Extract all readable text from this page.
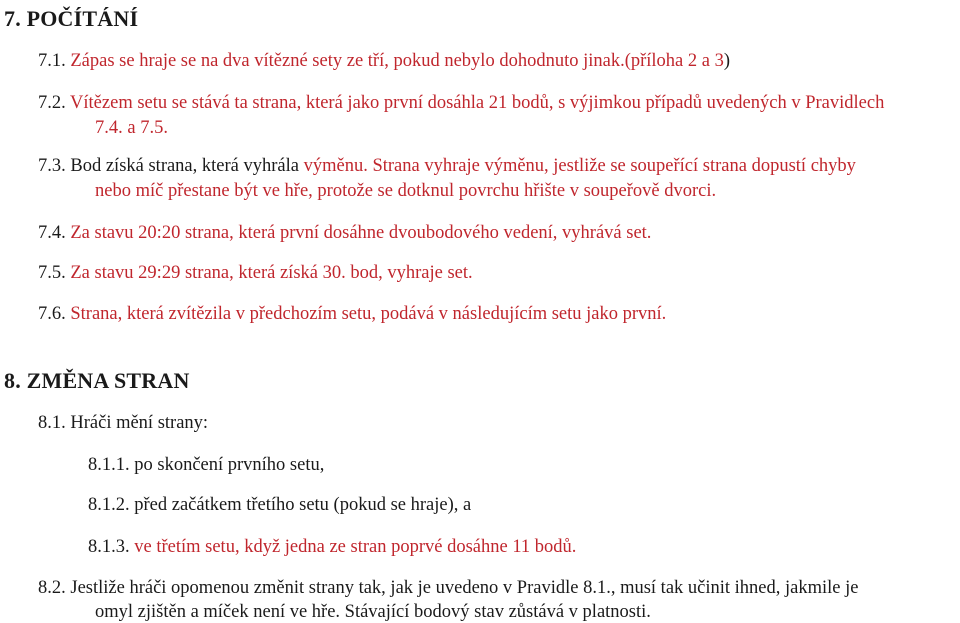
7. POČÍTÁNÍ
7.1. Zápas se hraje se na dva vítězné sety ze tří, pokud nebylo dohodnuto jinak.(příloha 2 a 3)
7.2. Vítězem setu se stává ta strana, která jako první dosáhla 21 bodů, s výjimkou případů uvedených v Pravidlech
7.4. a 7.5.
7.3. Bod získá strana, která vyhrála výměnu. Strana vyhraje výměnu, jestliže se soupeřící strana dopustí chyby
nebo míč přestane být ve hře, protože se dotknul povrchu hřište v soupeřově dvorci.
7.4. Za stavu 20:20 strana, která první dosáhne dvoubodového vedení, vyhrává set.
7.5. Za stavu 29:29 strana, která získá 30. bod, vyhraje set.
7.6. Strana, která zvítězila v předchozím setu, podává v následujícím setu jako první.
8. ZMĚNA STRAN
8.1. Hráči mění strany:
8.1.1. po skončení prvního setu,
8.1.2. před začátkem třetího setu (pokud se hraje), a
8.1.3. ve třetím setu, když jedna ze stran poprvé dosáhne 11 bodů.
8.2. Jestliže hráči opomenou změnit strany tak, jak je uvedeno v Pravidle 8.1., musí tak učinit ihned, jakmile je
omyl zjištěn a míček není ve hře. Stávající bodový stav zůstává v platnosti.
